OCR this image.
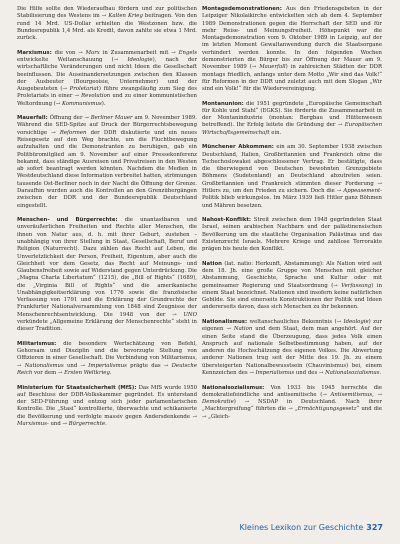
Die Hilfe sollte den Wiederaufbau fördern und zur politischen Stabilisierung des Westens im → Kalten Krieg beitragen. Von den rund 14 Mrd. US-Dollar erhielten die Westzonen bzw. die Bundesrepublik 1,4 Mrd. als Kredit, davon zahlte sie etwa 1 Mrd. zurück.

Marxismus: die von → Marx in Zusammenarbeit mit → Engels entwickelte Weltanschauung (→ Ideologie), nach der wirtschaftliche Veränderungen und nicht Ideen die Gesellschaft beeinflussen. Die Auseinandersetzungen zwischen den Klassen der Ausbeuter (Bourgeoisie, Unternehmer) und der Ausgebeuteten (→ Proletariat) führe zwangsläufig zum Sieg des Proletariats in einer → Revolution und zu einer kommunistischen Weltordnung (→ Kommunismus).

Mauerfall: Öffnung der → Berliner Mauer am 9. November 1989. Während die SED-Spitze auf Druck der Bürgerrechtsbewegung vorsichtige → Reformen der DDR diskutierte und ein neues Reisegesetz auf den Weg brachte, um die Fluchtbewegung aufzuhalten und die Demonstranten zu beruhigen, gab ein Politbüromitglied am 9. November auf einer Pressekonferenz bekannt, dass ständige Ausreisen und Privatreisen in den Westen ab sofort beantragt werden könnten. Nachdem die Medien in Westdeutschland diese Information verbreitet hatten, strömungen tausende Ost-Berliner noch in der Nacht die Öffnung der Grenze. Daraufhin wurden auch die Kontrollen an den Grenzübergängen zwischen der DDR und der Bundesrepublik Deutschland eingestellt.

Menschen- und Bürgerrechte: die unantastbaren und unveräußerlichen Freiheiten und Rechte aller Menschen, die ihnen von Natur aus, d. h. mit ihrer Geburt, zustehen – unabhängig von ihrer Stellung in Staat, Gesellschaft, Beruf und Religion (Naturrecht). Dazu zählen das Recht auf Leben, die Unverletzlichkeit der Person, Freiheit, Eigentum, aber auch die Gleichheit vor dem Gesetz, das Recht auf Meinungs- und Glaubensfreiheit sowie auf Widerstand gegen Unterdrückung. Die „Magna Charta Libertatum“ (1215), die „Bill of Rights“ (1689), die „Virginia Bill of Rights“ und die amerikanische Unabhängigkeitserklärung von 1776 sowie die französische Verfassung von 1791 und die Erklärung der Grundrechte der Frankfurter Nationalversammlung von 1848 sind Zeugnisse der Menschenrechtsentwicklung. Die 1948 von der → UNO verkündete „Allgemeine Erklärung der Menschenrechte“ steht in dieser Tradition.

Militarismus: die besondere Wertschätzung von Befehl, Gehorsam und Disziplin und die bevorzugte Stellung von Offizieren in einer Gesellschaft. Die Verbindung von Militarismus, → Nationalismus und → Imperialismus prägte das → Deutsche Reich vor dem → Ersten Weltkrieg.

Ministerium für Staatssicherheit (MfS): Das MfS wurde 1950 auf Beschluss der DDR-Volkskammer gegründet. Es unterstand der SED-Führung und entzog sich jeder parlamentarischen Kontrolle. Die „Stasi“ kontrollierte, überwachte und schikanierte die Bevölkerung und verfolgte massiv gegen Andersdenkende → Marxismus- und → Bürgerrechte.

Montagsdemonstrationen: Aus den Friedensgebeten in der Leipziger Nikolaikirche entwickelten sich ab dem 4. September 1989 Demonstrationen gegen die Herrschaft der SED und für mehr Reise- und Meinungsfreiheit. Höhepunkt war die Montagsdemonstration vom 9. Oktober 1989 in Leipzig, auf der im letzten Moment Gewaltanwendung durch die Staatsorgane verhindert werden konnte. In den folgenden Wochen demonstrierten die Bürger bis zur Öffnung der Mauer am 9. November 1989 (→ Mauerfall) in zahlreichen Städten der DDR montags friedlich, anfangs unter dem Motto „Wir sind das Volk!“ für Reformen in der DDR und zuletzt auch mit dem Slogan „Wir sind ein Volk!“ für die Wiedervereinigung.

Montanunion: die 1951 gegründete „Europäische Gemeinschaft für Kohle und Stahl“ (EGKS). Sie förderte die Zusammenarbeit in der Montanindustrie (montan: Bergbau und Hüttenwesen betreffend). Ihr Erfolg leitete die Gründung der → Europäischen Wirtschaftsgemeinschaft ein.

Münchener Abkommen: ein am 30. September 1938 zwischen Deutschland, Italien, Großbritannien und Frankreich ohne die Tschechoslowakei abgeschlossener Vertrag. Er bestätigte, dass die überwiegend von Deutschen bewohnten Grenzgebiete Böhmens (Sudetenland) an Deutschland abzutreten seien. Großbritannien und Frankreich stimmten dieser Forderung → Hitlers zu, um den Frieden zu sichern. Doch die → Appeasement-Politik blieb wirkungslos. Im März 1939 ließ Hitler ganz Böhmen und Mähren besetzen.

Nahost-Konflikt: Streit zwischen dem 1948 gegründeten Staat Israel, seinen arabischen Nachbarn und der palästinensischen Bevölkerung um die staatliche Organisation Palästinas und das Existenzrecht Israels. Mehrere Kriege und zahllose Terrorakte prägen bis heute den Konflikt.

Nation (lat. natio: Herkunft, Abstammung): Als Nation wird seit dem 18. Jh. eine große Gruppe von Menschen mit gleicher Abstammung, Geschichte, Sprache und Kultur oder mit gemeinsamer Regierung und Staatsordnung (→ Verfassung) in einem Staat bezeichnet. Nationen sind insofern keine natürlichen Gebilde. Sie sind einerseits Konstruktionen der Politik und Ideen andererseits davon, dass sich Menschen zu ihr bekennen.

Nationalismus: weltanschauliches Bekenntnis (→ Ideologie) zur eigenen → Nation und dem Staat, dem man angehört. Auf der einen Seite stand die Überzeugung, dass jedes Volk einen Anspruch auf nationale Selbstbestimmung haben, auf der anderen die Hochschätzung des eigenen Volkes. Die Abwertung anderer Nationen trug seit der Mitte des 19. Jh. zu einem übersteigerten Nationalbewusstsein (Chauvinismus) bei, einem Kennzeichen des → Imperialismus und des → Nationalsozialismus.

Nationalsozialismus: Von 1933 bis 1945 herrschte die demokratiefeindliche und antisemitische (→ Antisemitismus, → Demokratie) → NSDAP in Deutschland. Nach ihrer „Machtergreifung“ führten die → „Ermächtigungsgesetz“ und die → „Gleich-

Kleines Lexikon zur Geschichte 327
